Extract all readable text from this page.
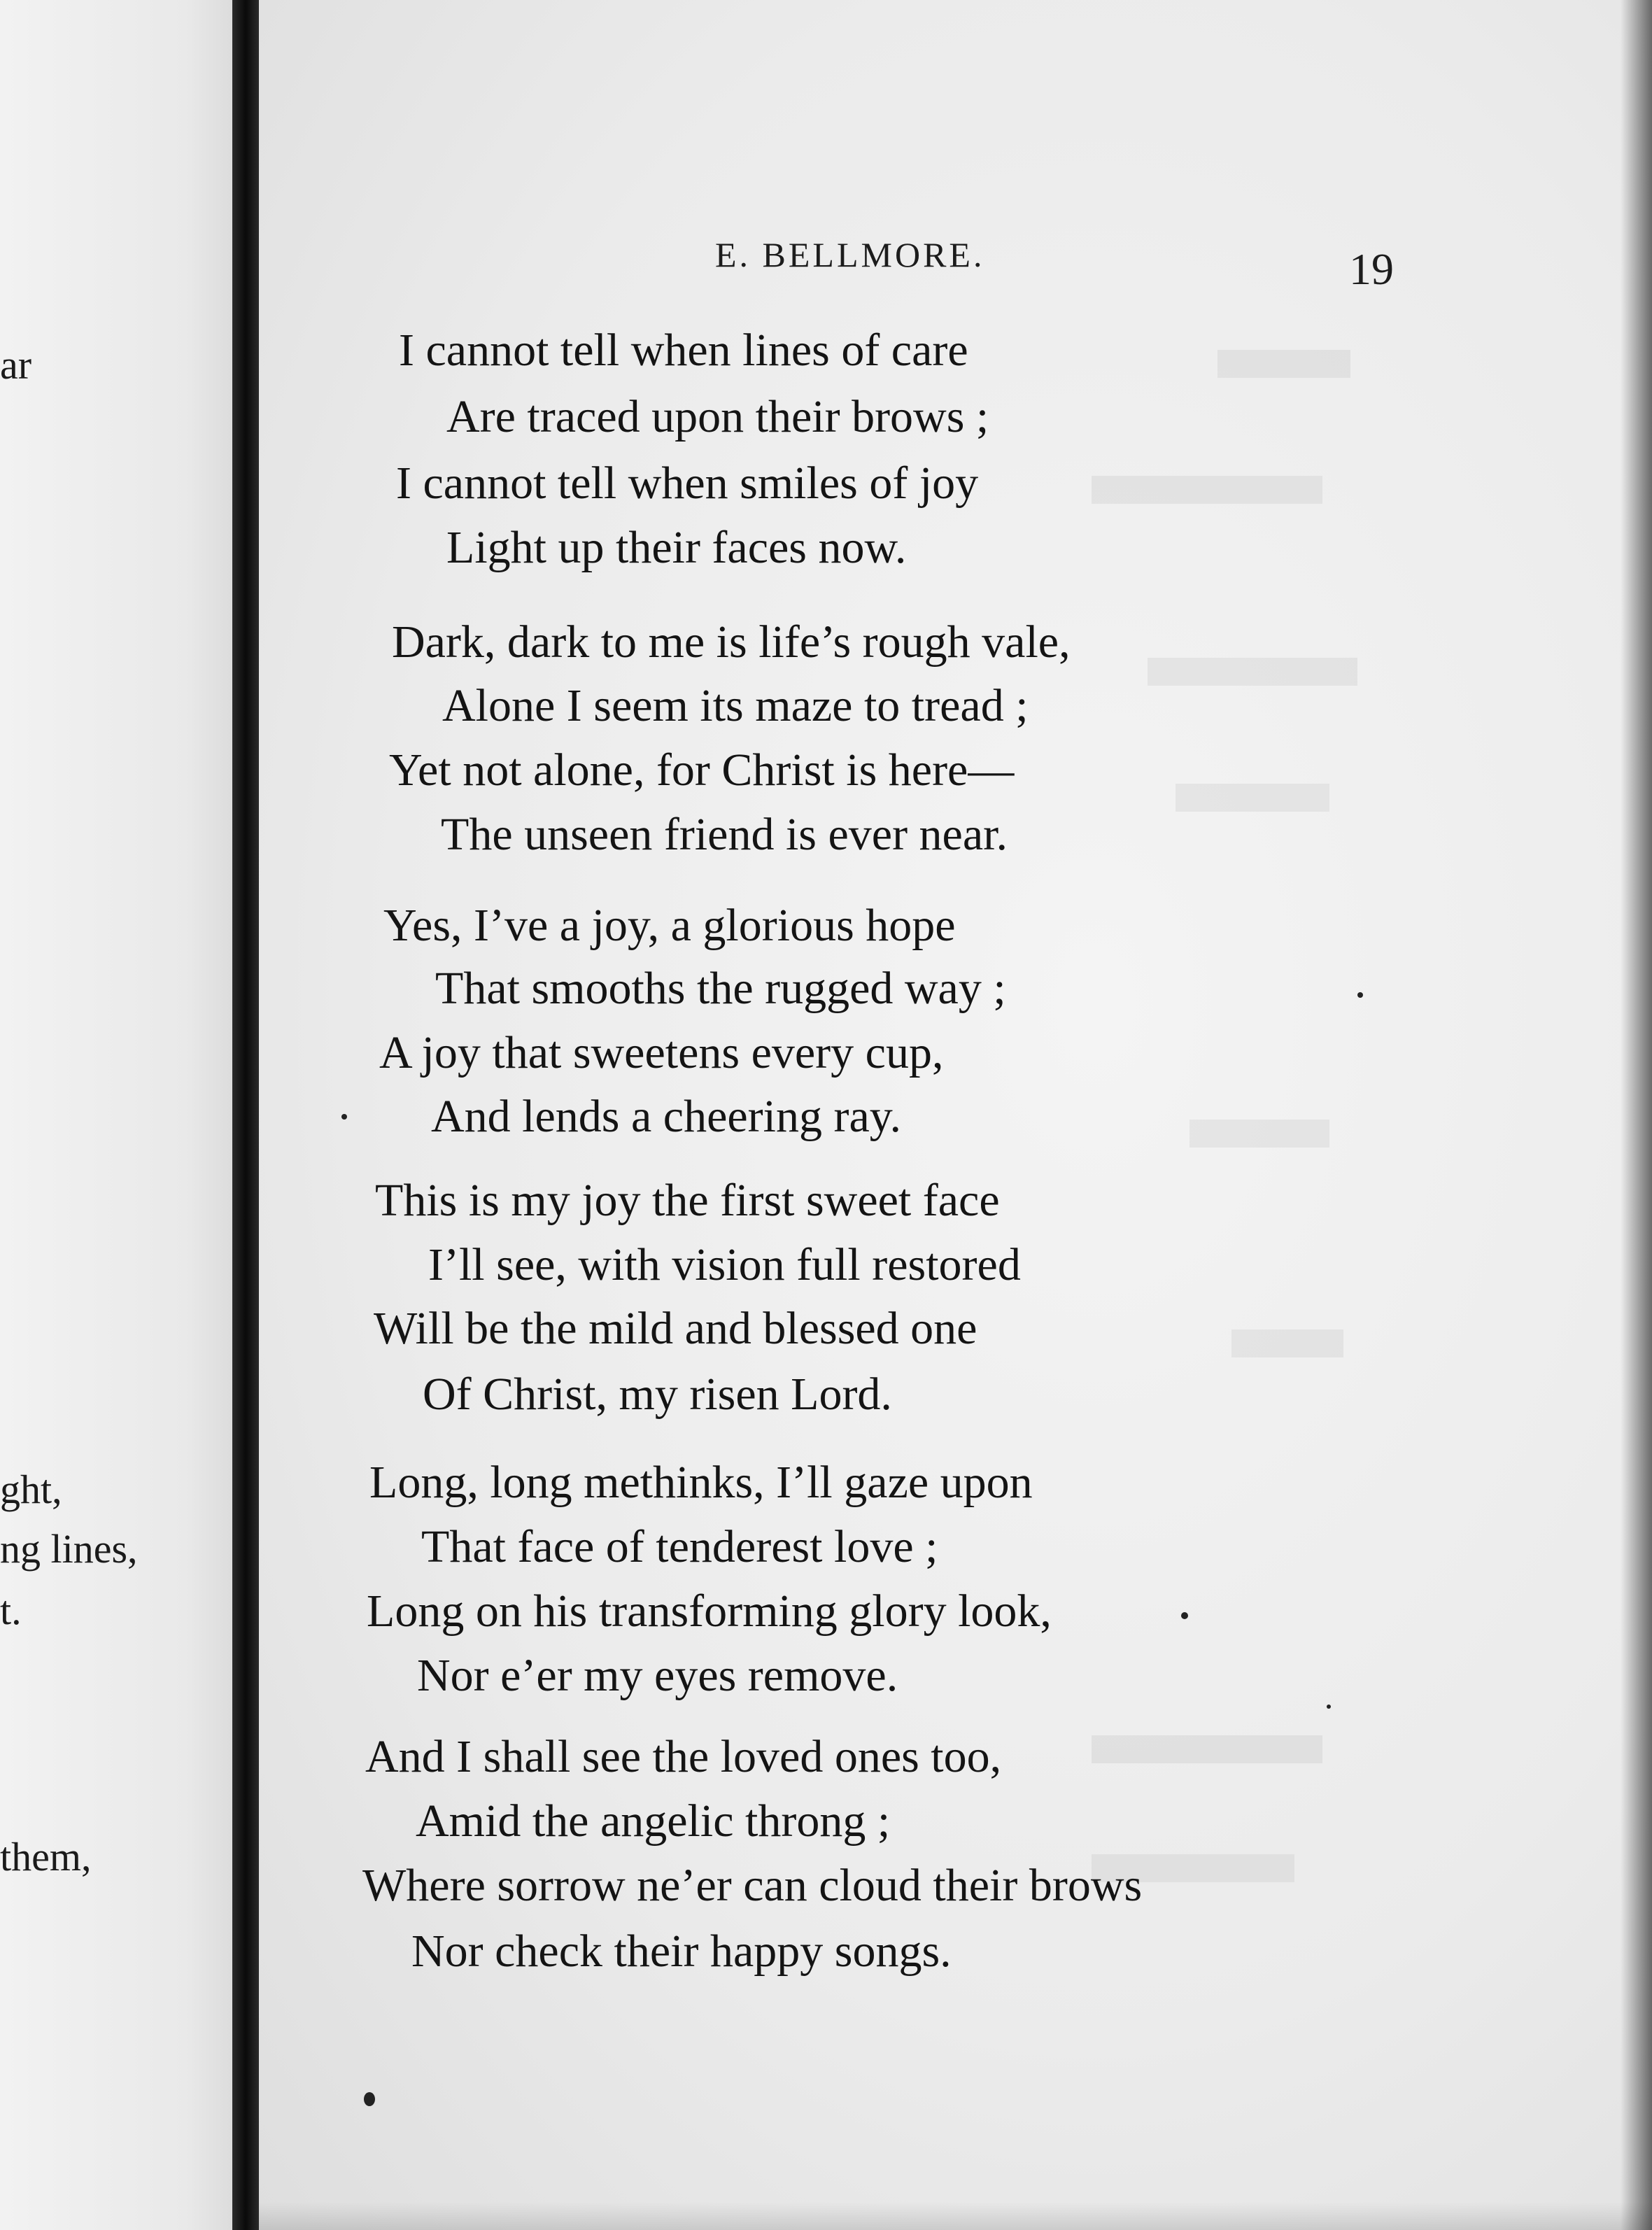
ar
ght,
ng lines,
t.
them,
E. BELLMORE.	19
I cannot tell when lines of care
Are traced upon their brows ;
I cannot tell when smiles of joy
Light up their faces now.
Dark, dark to me is life’s rough vale,
Alone I seem its maze to tread ;
Yet not alone, for Christ is here—
The unseen friend is ever near.
Yes, I’ve a joy, a glorious hope
That smooths the rugged way ;
A joy that sweetens every cup,
And lends a cheering ray.
This is my joy the first sweet face
I’ll see, with vision full restored
Will be the mild and blessed one
Of Christ, my risen Lord.
Long, long methinks, I’ll gaze upon
That face of tenderest love ;
Long on his transforming glory look,
Nor e’er my eyes remove.
And I shall see the loved ones too,
Amid the angelic throng ;
Where sorrow ne’er can cloud their brows
Nor check their happy songs.
